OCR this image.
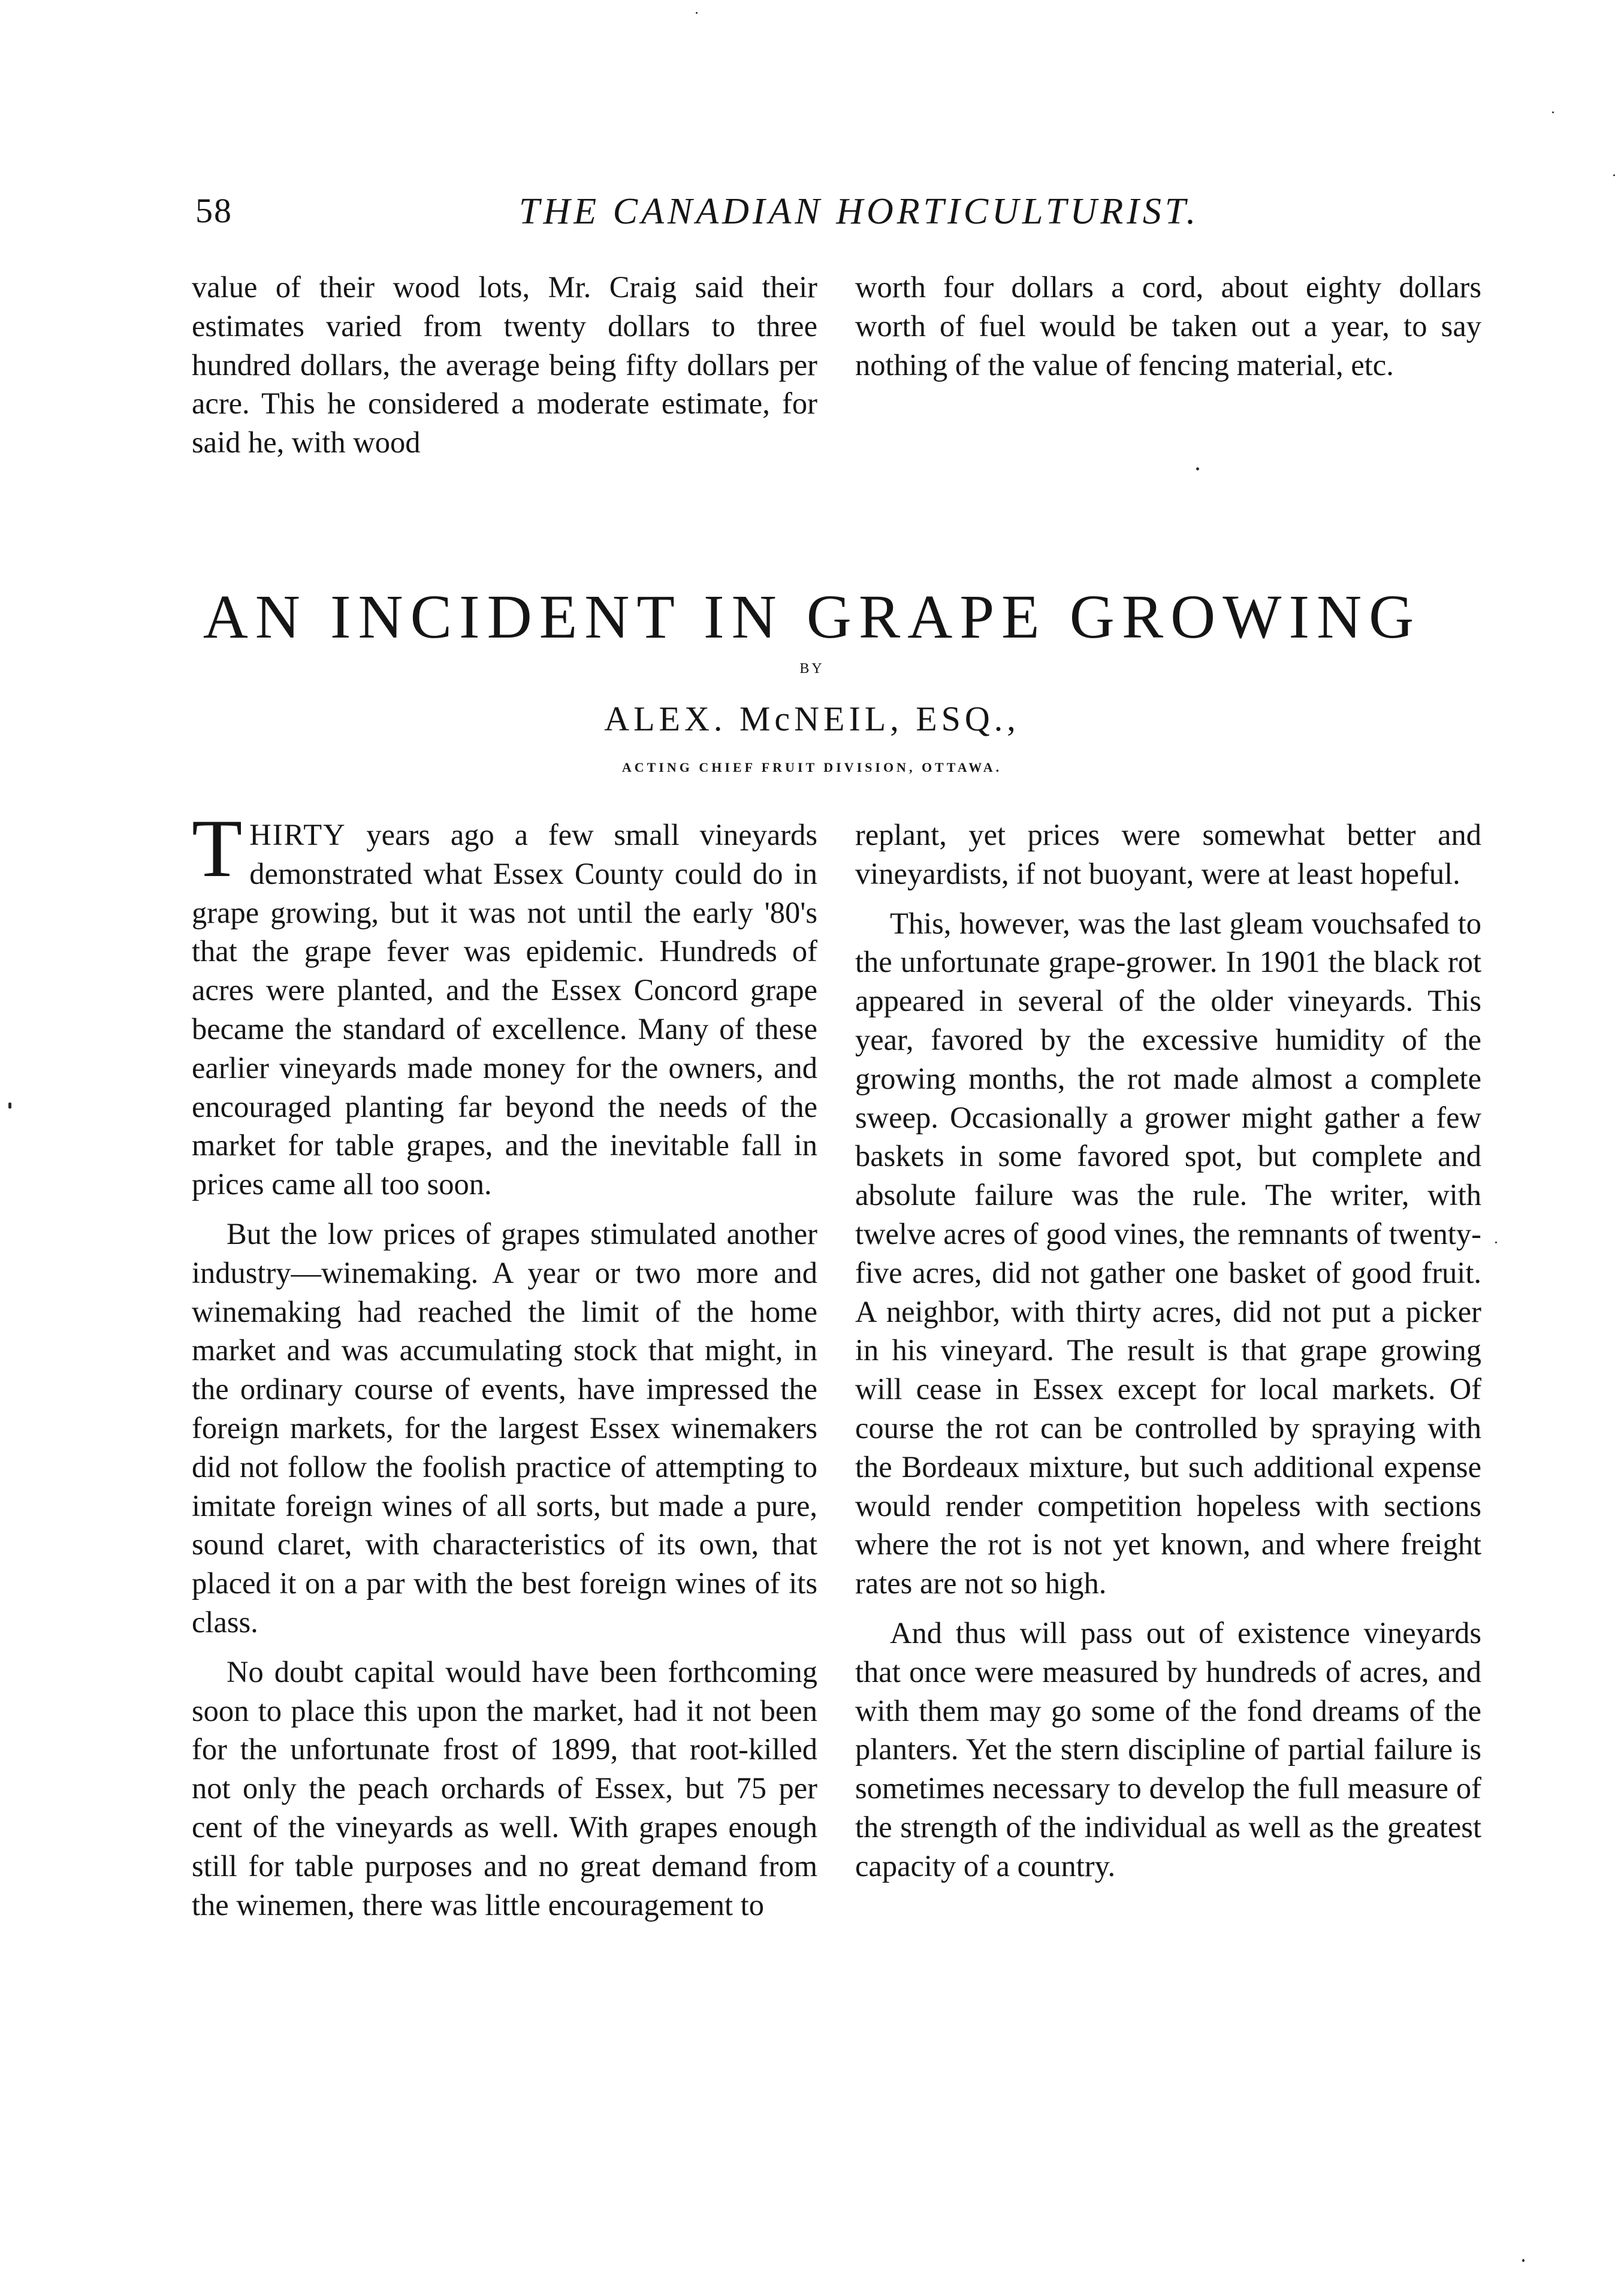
58	THE CANADIAN HORTICULTURIST.

value of their wood lots, Mr. Craig said their estimates varied from twenty dollars to three hundred dollars, the average being fifty dollars per acre. This he considered a moderate estimate, for said he, with wood

worth four dollars a cord, about eighty dollars worth of fuel would be taken out a year, to say nothing of the value of fencing material, etc.

AN INCIDENT IN GRAPE GROWING
BY
ALEX. McNEIL, ESQ.,
ACTING CHIEF FRUIT DIVISION, OTTAWA.

THIRTY years ago a few small vineyards demonstrated what Essex County could do in grape growing, but it was not until the early '80's that the grape fever was epidemic. Hundreds of acres were planted, and the Essex Concord grape became the standard of excellence. Many of these earlier vineyards made money for the owners, and encouraged planting far beyond the needs of the market for table grapes, and the inevitable fall in prices came all too soon.

But the low prices of grapes stimulated another industry—winemaking. A year or two more and winemaking had reached the limit of the home market and was accumulating stock that might, in the ordinary course of events, have impressed the foreign markets, for the largest Essex winemakers did not follow the foolish practice of attempting to imitate foreign wines of all sorts, but made a pure, sound claret, with characteristics of its own, that placed it on a par with the best foreign wines of its class.

No doubt capital would have been forthcoming soon to place this upon the market, had it not been for the unfortunate frost of 1899, that root-killed not only the peach orchards of Essex, but 75 per cent of the vineyards as well. With grapes enough still for table purposes and no great demand from the winemen, there was little encouragement to

replant, yet prices were somewhat better and vineyardists, if not buoyant, were at least hopeful.

This, however, was the last gleam vouchsafed to the unfortunate grape-grower. In 1901 the black rot appeared in several of the older vineyards. This year, favored by the excessive humidity of the growing months, the rot made almost a complete sweep. Occasionally a grower might gather a few baskets in some favored spot, but complete and absolute failure was the rule. The writer, with twelve acres of good vines, the remnants of twenty-five acres, did not gather one basket of good fruit. A neighbor, with thirty acres, did not put a picker in his vineyard. The result is that grape growing will cease in Essex except for local markets. Of course the rot can be controlled by spraying with the Bordeaux mixture, but such additional expense would render competition hopeless with sections where the rot is not yet known, and where freight rates are not so high.

And thus will pass out of existence vineyards that once were measured by hundreds of acres, and with them may go some of the fond dreams of the planters. Yet the stern discipline of partial failure is sometimes necessary to develop the full measure of the strength of the individual as well as the greatest capacity of a country.
